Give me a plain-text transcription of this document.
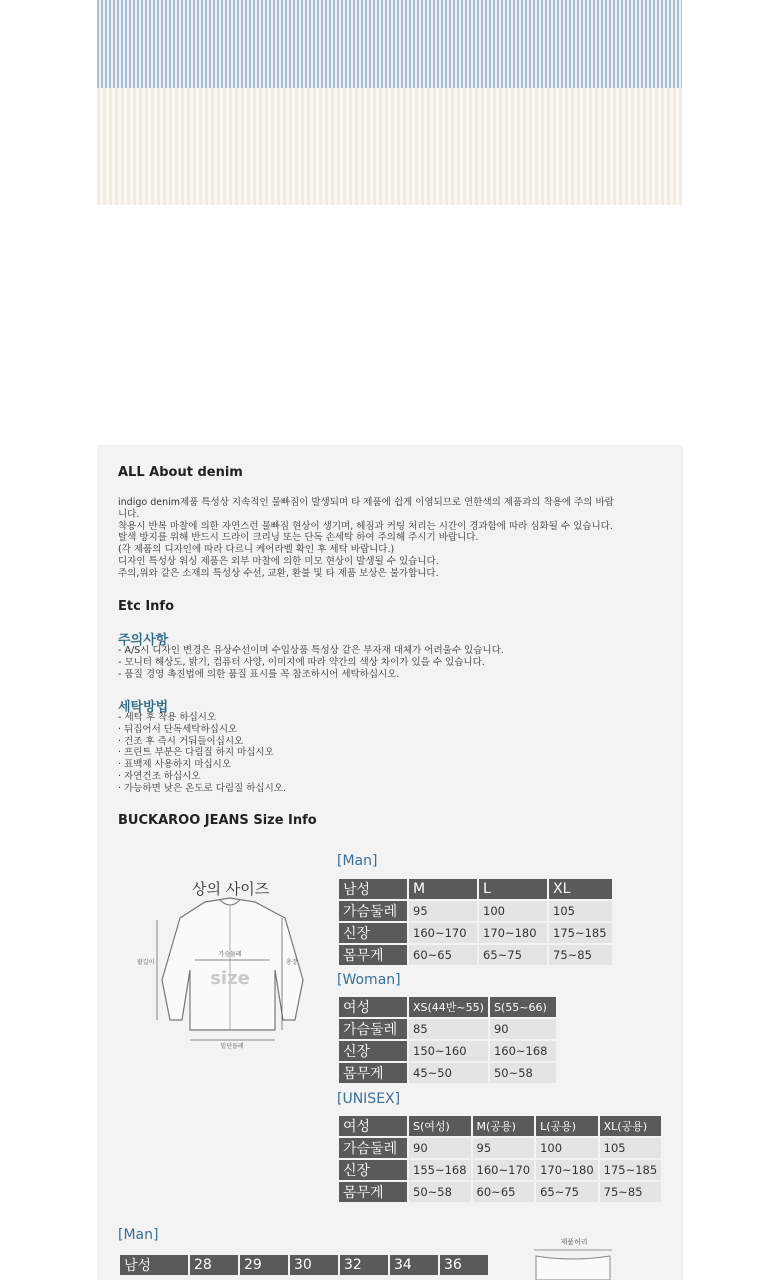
ALL About denim
indigo denim제품 특성상 지속적인 물빠짐이 발생되며 타 제품에 쉽게 이염되므로 연한색의 제품과의 착용에 주의 바랍
니다.
착용시 반복 마찰에 의한 자연스런 물빠짐 현상이 생기며, 헤짐과 커팅 처리는 시간이 경과함에 따라 심화될 수 있습니다.
탈색 방지를 위해 반드시 드라이 크리닝 또는 단독 손세탁 하여 주의해 주시기 바랍니다.
(각 제품의 디자인에 따라 다르니 케어라벨 확인 후 세탁 바랍니다.)
디자인 특성상 워싱 제품은 외부 마찰에 의한 미모 현상이 발생될 수 있습니다.
주의,위와 같은 소재의 특성상 수선, 교환, 환불 및 타 제품 보상은 불가합니다.
Etc Info
주의사항
- A/S시 디자인 변경은 유상수선이며 수입상품 특성상 같은 부자재 대체가 어려울수 있습니다.
- 모니터 해상도, 밝기, 컴퓨터 사양, 이미지에 따라 약간의 색상 차이가 있을 수 있습니다.
- 품질 경영 촉진법에 의한 품질 표시를 꼭 참조하시어 세탁하십시오.
세탁방법
- 세탁 후 착용 하십시오
· 뒤집어서 단독세탁하십시오
· 건조 후 즉시 거둬들이십시오
· 프린트 부분은 다림질 하지 마십시오
· 표백제 사용하지 마십시오
· 자연건조 하십시오
· 가능하면 낮은 온도로 다림질 하십시오.
BUCKAROO JEANS Size Info
상의 사이즈
가슴둘레
size
팔길이	총장
밑단둘레
[Man]
남성	M	L	XL
가슴둘레	95	100	105
신장	160~170	170~180	175~185
몸무게	60~65	65~75	75~85
[Woman]
여성	XS(44반~55)	S(55~66)
가슴둘레	85	90
신장	150~160	160~168
몸무게	45~50	50~58
[UNISEX]
여성	S(여성)	M(공용)	L(공용)	XL(공용)
가슴둘레	90	95	100	105
신장	155~168	160~170	170~180	175~185
몸무게	50~58	60~65	65~75	75~85
[Man]
남성	28	29	30	32	34	36
제품허리
